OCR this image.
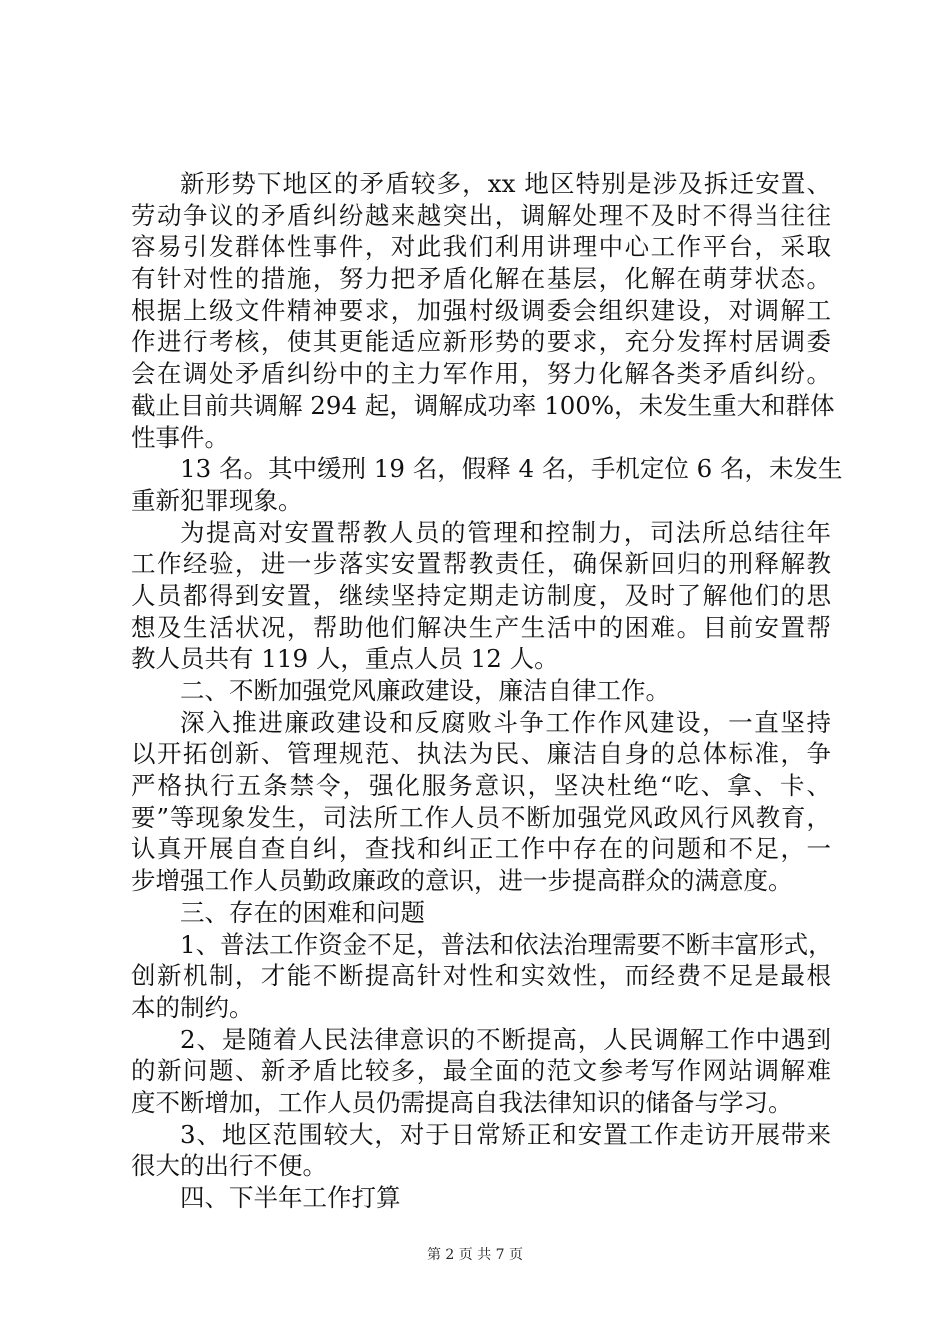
新形势下地区的矛盾较多，xx 地区特别是涉及拆迁安置、
劳动争议的矛盾纠纷越来越突出，调解处理不及时不得当往往
容易引发群体性事件，对此我们利用讲理中心工作平台，采取
有针对性的措施，努力把矛盾化解在基层，化解在萌芽状态。
根据上级文件精神要求，加强村级调委会组织建设，对调解工
作进行考核，使其更能适应新形势的要求，充分发挥村居调委
会在调处矛盾纠纷中的主力军作用，努力化解各类矛盾纠纷。
截止目前共调解 294 起，调解成功率 100%，未发生重大和群体
性事件。
13 名。其中缓刑 19 名，假释 4 名，手机定位 6 名，未发生
重新犯罪现象。
为提高对安置帮教人员的管理和控制力，司法所总结往年
工作经验，进一步落实安置帮教责任，确保新回归的刑释解教
人员都得到安置，继续坚持定期走访制度，及时了解他们的思
想及生活状况，帮助他们解决生产生活中的困难。目前安置帮
教人员共有 119 人，重点人员 12 人。
二、不断加强党风廉政建设，廉洁自律工作。
深入推进廉政建设和反腐败斗争工作作风建设，一直坚持
以开拓创新、管理规范、执法为民、廉洁自身的总体标准，争
严格执行五条禁令，强化服务意识，坚决杜绝“吃、拿、卡、
要”等现象发生，司法所工作人员不断加强党风政风行风教育，
认真开展自查自纠，查找和纠正工作中存在的问题和不足，一
步增强工作人员勤政廉政的意识，进一步提高群众的满意度。
三、存在的困难和问题
1、普法工作资金不足，普法和依法治理需要不断丰富形式，
创新机制，才能不断提高针对性和实效性，而经费不足是最根
本的制约。
2、是随着人民法律意识的不断提高，人民调解工作中遇到
的新问题、新矛盾比较多，最全面的范文参考写作网站调解难
度不断增加，工作人员仍需提高自我法律知识的储备与学习。
3、地区范围较大，对于日常矫正和安置工作走访开展带来
很大的出行不便。
四、下半年工作打算
第 2 页 共 7 页
